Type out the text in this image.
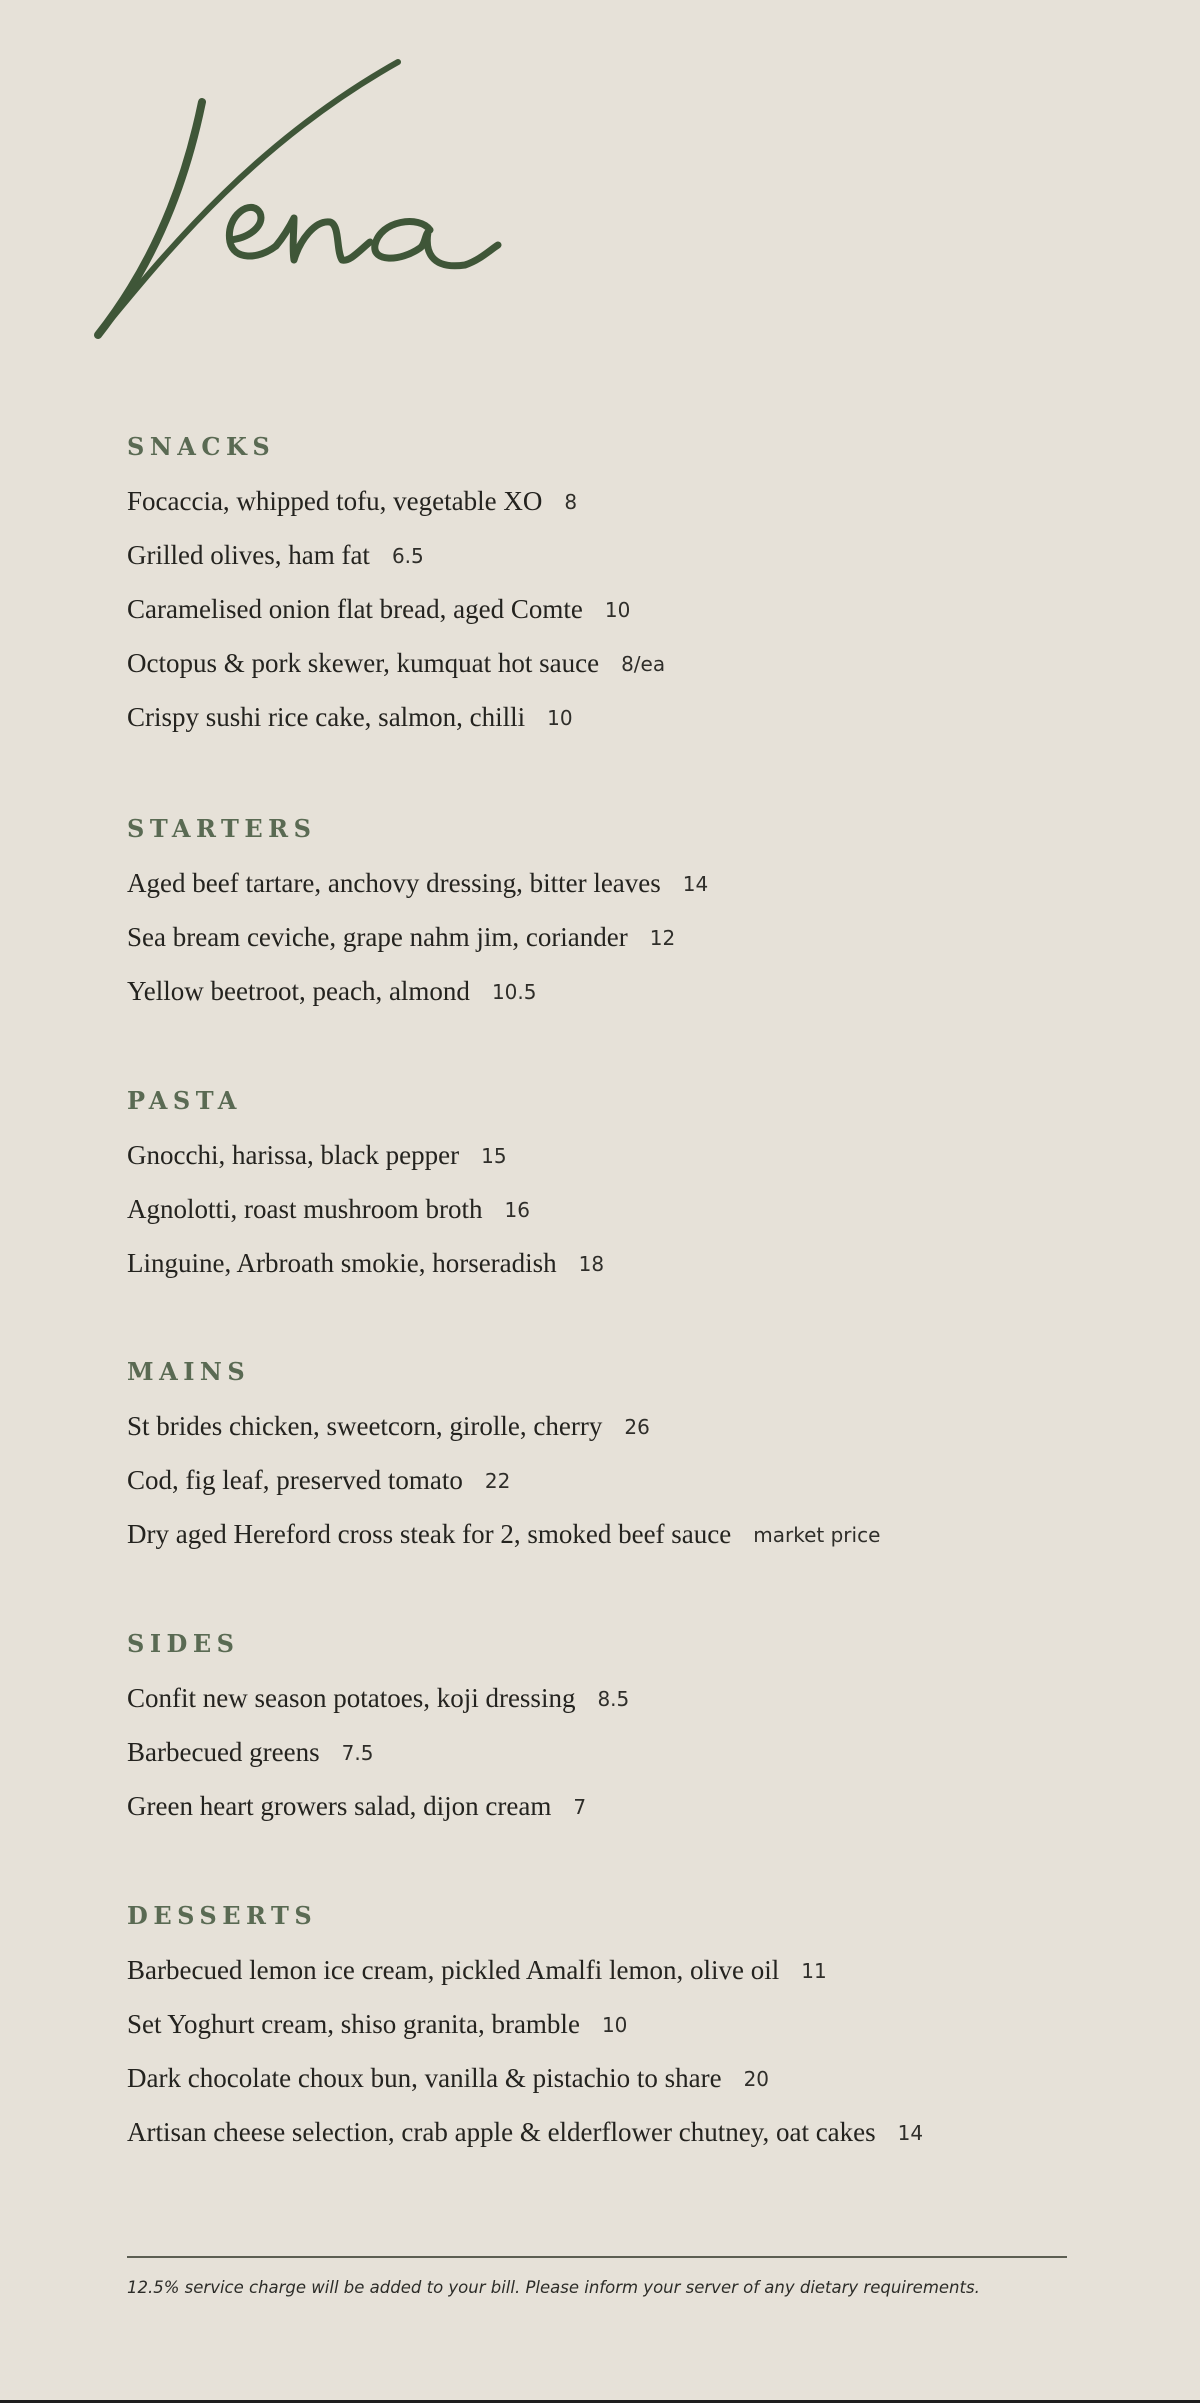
SNACKS
Focaccia, whipped tofu, vegetable XO 8
Grilled olives, ham fat 6.5
Caramelised onion flat bread, aged Comte 10
Octopus & pork skewer, kumquat hot sauce 8/ea
Crispy sushi rice cake, salmon, chilli 10
STARTERS
Aged beef tartare, anchovy dressing, bitter leaves 14
Sea bream ceviche, grape nahm jim, coriander 12
Yellow beetroot, peach, almond 10.5
PASTA
Gnocchi, harissa, black pepper 15
Agnolotti, roast mushroom broth 16
Linguine, Arbroath smokie, horseradish 18
MAINS
St brides chicken, sweetcorn, girolle, cherry 26
Cod, fig leaf, preserved tomato 22
Dry aged Hereford cross steak for 2, smoked beef sauce market price
SIDES
Confit new season potatoes, koji dressing 8.5
Barbecued greens 7.5
Green heart growers salad, dijon cream 7
DESSERTS
Barbecued lemon ice cream, pickled Amalfi lemon, olive oil 11
Set Yoghurt cream, shiso granita, bramble 10
Dark chocolate choux bun, vanilla & pistachio to share 20
Artisan cheese selection, crab apple & elderflower chutney, oat cakes 14
12.5% service charge will be added to your bill. Please inform your server of any dietary requirements.
